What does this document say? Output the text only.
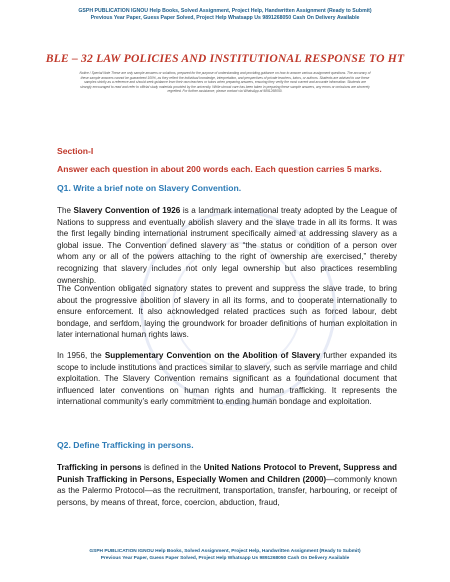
GSPH PUBLICATION IGNOU Help Books, Solved Assignment, Project Help, Handwritten Assignment (Ready to Submit)
Previous Year Paper, Guess Paper Solved, Project Help Whatsapp Us 9891268050 Cash On Delivery Available
BLE – 32 LAW POLICIES AND INSTITUTIONAL RESPONSE TO HT
Notice / Special Note These are only sample answers or solutions, prepared for the purpose of understanding and providing guidance on how to answer various assignment questions. The accuracy of these sample answers cannot be guaranteed 100%, as they reflect the individual knowledge, interpretation, and perspectives of private teachers, tutors, or authors. Students are advised to use these samples strictly as a reference and should seek guidance from their own teachers or tutors when preparing answers, ensuring they verify the most current and accurate information. Students are strongly encouraged to read and refer to official study materials provided by the university. While utmost care has been taken in preparing these sample answers, any errors or omissions are sincerely regretted. For further assistance, please contact via WhatsApp at 9891268050.
Section-I
Answer each question in about 200 words each. Each question carries 5 marks.
Q1. Write a brief note on Slavery Convention.
The Slavery Convention of 1926 is a landmark international treaty adopted by the League of Nations to suppress and eventually abolish slavery and the slave trade in all its forms. It was the first legally binding international instrument specifically aimed at addressing slavery as a global issue. The Convention defined slavery as “the status or condition of a person over whom any or all of the powers attaching to the right of ownership are exercised,” thereby recognizing that slavery includes not only legal ownership but also practices resembling ownership.
The Convention obligated signatory states to prevent and suppress the slave trade, to bring about the progressive abolition of slavery in all its forms, and to cooperate internationally to ensure enforcement. It also acknowledged related practices such as forced labour, debt bondage, and serfdom, laying the groundwork for broader definitions of human exploitation in later international human rights laws.
In 1956, the Supplementary Convention on the Abolition of Slavery further expanded its scope to include institutions and practices similar to slavery, such as servile marriage and child exploitation. The Slavery Convention remains significant as a foundational document that influenced later conventions on human rights and human trafficking. It represents the international community’s early commitment to ending human bondage and exploitation.
Q2. Define Trafficking in persons.
Trafficking in persons is defined in the United Nations Protocol to Prevent, Suppress and Punish Trafficking in Persons, Especially Women and Children (2000)—commonly known as the Palermo Protocol—as the recruitment, transportation, transfer, harbouring, or receipt of persons, by means of threat, force, coercion, abduction, fraud,
GSPH PUBLICATION IGNOU Help Books, Solved Assignment, Project Help, Handwritten Assignment (Ready to Submit)
Previous Year Paper, Guess Paper Solved, Project Help Whatsapp Us 9891268050 Cash On Delivery Available
